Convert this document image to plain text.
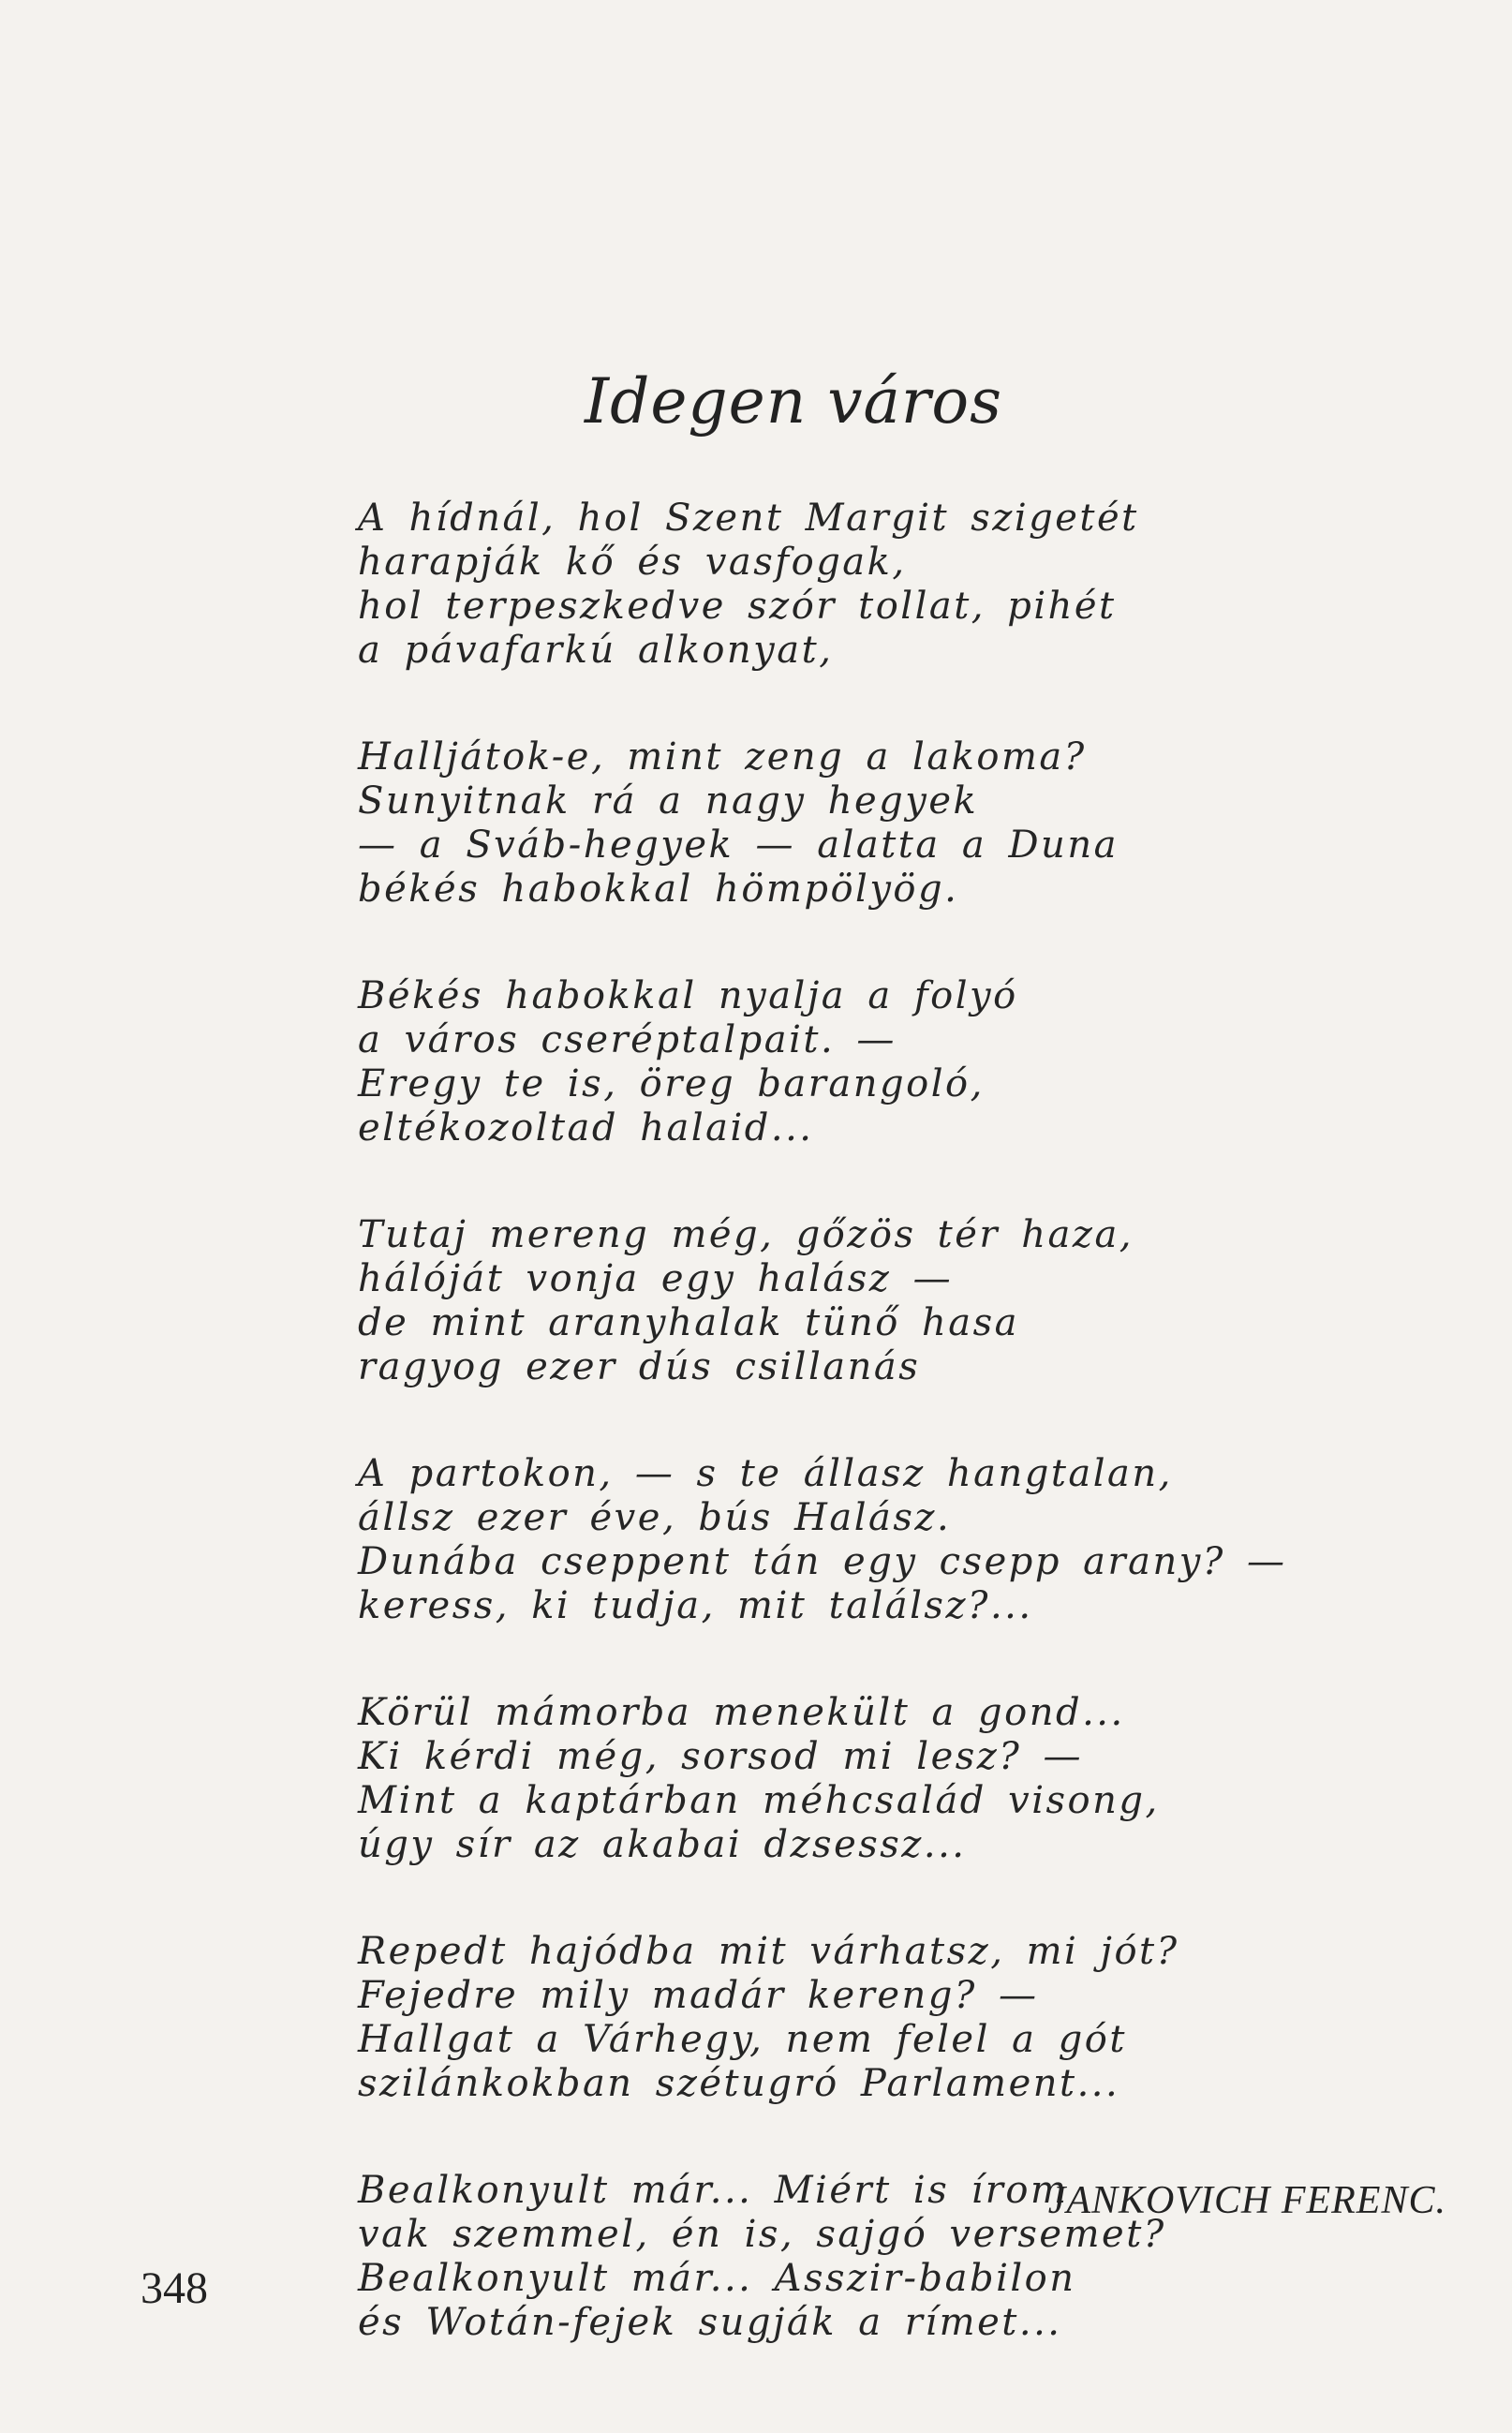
Idegen város
A hídnál, hol Szent Margit szigetét
harapják kő és vasfogak,
hol terpeszkedve szór tollat, pihét
a pávafarkú alkonyat,
Halljátok-e, mint zeng a lakoma?
Sunyitnak rá a nagy hegyek
— a Sváb-hegyek — alatta a Duna
békés habokkal hömpölyög.
Békés habokkal nyalja a folyó
a város cseréptalpait. —
Eregy te is, öreg barangoló,
eltékozoltad halaid...
Tutaj mereng még, gőzös tér haza,
hálóját vonja egy halász —
de mint aranyhalak tünő hasa
ragyog ezer dús csillanás
A partokon, — s te állasz hangtalan,
állsz ezer éve, bús Halász.
Dunába cseppent tán egy csepp arany? —
keress, ki tudja, mit találsz?...
Körül mámorba menekült a gond...
Ki kérdi még, sorsod mi lesz? —
Mint a kaptárban méhcsalád visong,
úgy sír az akabai dzsessz...
Repedt hajódba mit várhatsz, mi jót?
Fejedre mily madár kereng? —
Hallgat a Várhegy, nem felel a gót
szilánkokban szétugró Parlament...
Bealkonyult már... Miért is írom
vak szemmel, én is, sajgó versemet?
Bealkonyult már... Asszir-babilon
és Wotán-fejek sugják a rímet...
JANKOVICH FERENC.
348
